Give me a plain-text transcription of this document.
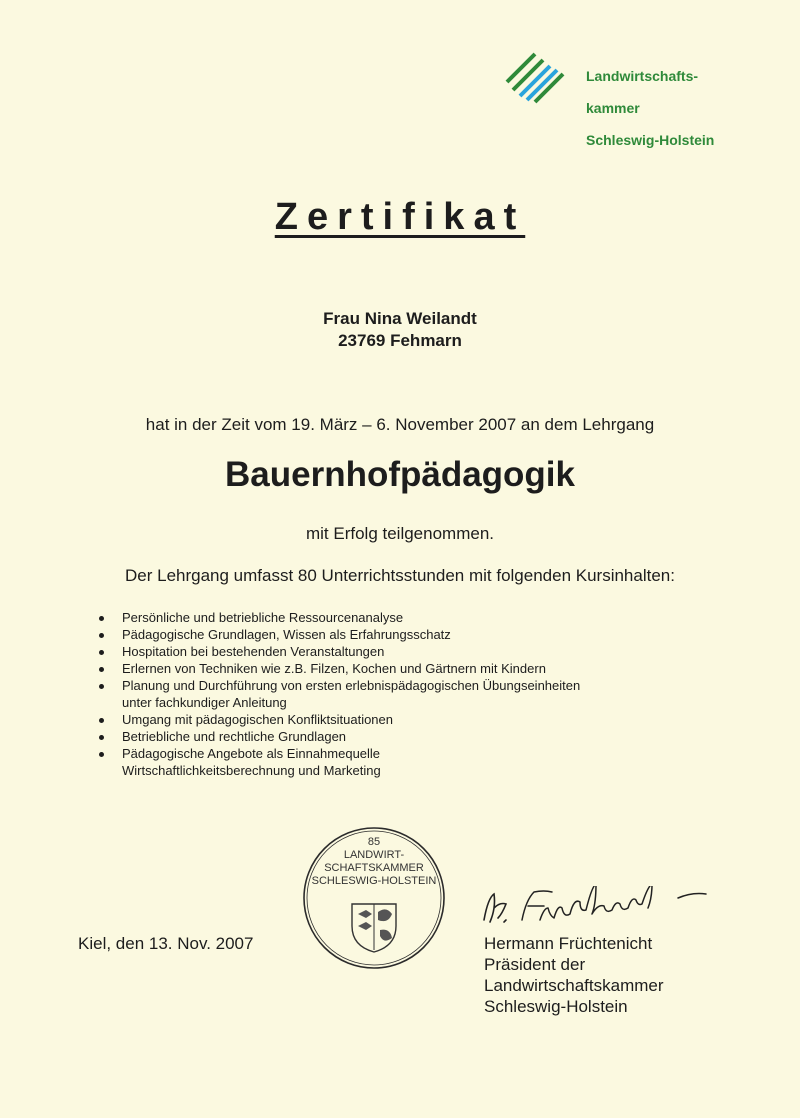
Landwirtschafts-

kammer

Schleswig-Holstein

Zertifikat
Frau Nina Weilandt
23769 Fehmarn
hat in der Zeit vom 19. März – 6. November 2007 an dem Lehrgang
Bauernhofpädagogik
mit Erfolg teilgenommen.
Der Lehrgang umfasst 80 Unterrichtsstunden mit folgenden Kursinhalten:
Persönliche und betriebliche Ressourcenanalyse
Pädagogische Grundlagen, Wissen als Erfahrungsschatz
Hospitation bei bestehenden Veranstaltungen
Erlernen von Techniken wie z.B. Filzen, Kochen und Gärtnern mit Kindern
Planung und Durchführung von ersten erlebnispädagogischen Übungseinheiten
unter fachkundiger Anleitung
Umgang mit pädagogischen Konfliktsituationen
Betriebliche und rechtliche Grundlagen
Pädagogische Angebote als Einnahmequelle
Wirtschaftlichkeitsberechnung und Marketing
Kiel, den 13. Nov. 2007
85
LANDWIRT-
SCHAFTSKAMMER
SCHLESWIG-HOLSTEIN
Hermann Früchtenicht
Präsident der
Landwirtschaftskammer
Schleswig-Holstein
